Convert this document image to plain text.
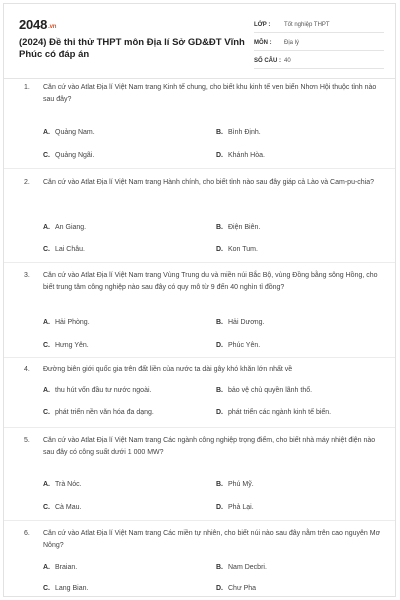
2048.vn
(2024) Đề thi thử THPT môn Địa lí Sở GD&ĐT Vĩnh Phúc có đáp án
LỚP :	Tốt nghiệp THPT
MÔN :	Địa lý
SỐ CÂU : 40
1. Căn cứ vào Atlat Địa lí Việt Nam trang Kinh tế chung, cho biết khu kinh tế ven biển Nhơn Hội thuộc tỉnh nào sau đây?
A. Quảng Nam.	B. Bình Định.
C. Quảng Ngãi.	D. Khánh Hòa.
2. Căn cứ vào Atlat Địa lí Việt Nam trang Hành chính, cho biết tỉnh nào sau đây giáp cả Lào và Cam-pu-chia?
A. An Giang.	B. Điện Biên.
C. Lai Châu.	D. Kon Tum.
3. Căn cứ vào Atlat Địa lí Việt Nam trang Vùng Trung du và miền núi Bắc Bộ, vùng Đồng bằng sông Hồng, cho biết trung tâm công nghiệp nào sau đây có quy mô từ 9 đến 40 nghìn tỉ đồng?
A. Hải Phòng.	B. Hải Dương.
C. Hưng Yên.	D. Phúc Yên.
4. Đường biên giới quốc gia trên đất liền của nước ta dài gây khó khăn lớn nhất về
A. thu hút vốn đầu tư nước ngoài.	B. bảo vệ chủ quyền lãnh thổ.
C. phát triển nền văn hóa đa dạng.	D. phát triển các ngành kinh tế biển.
5. Căn cứ vào Atlat Địa lí Việt Nam trang Các ngành công nghiệp trọng điểm, cho biết nhà máy nhiệt điện nào sau đây có công suất dưới 1 000 MW?
A. Trà Nóc.	B. Phú Mỹ.
C. Cà Mau.	D. Phả Lại.
6. Căn cứ vào Atlat Địa lí Việt Nam trang Các miền tự nhiên, cho biết núi nào sau đây nằm trên cao nguyên Mơ Nông?
A. Braian.	B. Nam Decbri.
C. Lang Bian.	D. Chư Pha
